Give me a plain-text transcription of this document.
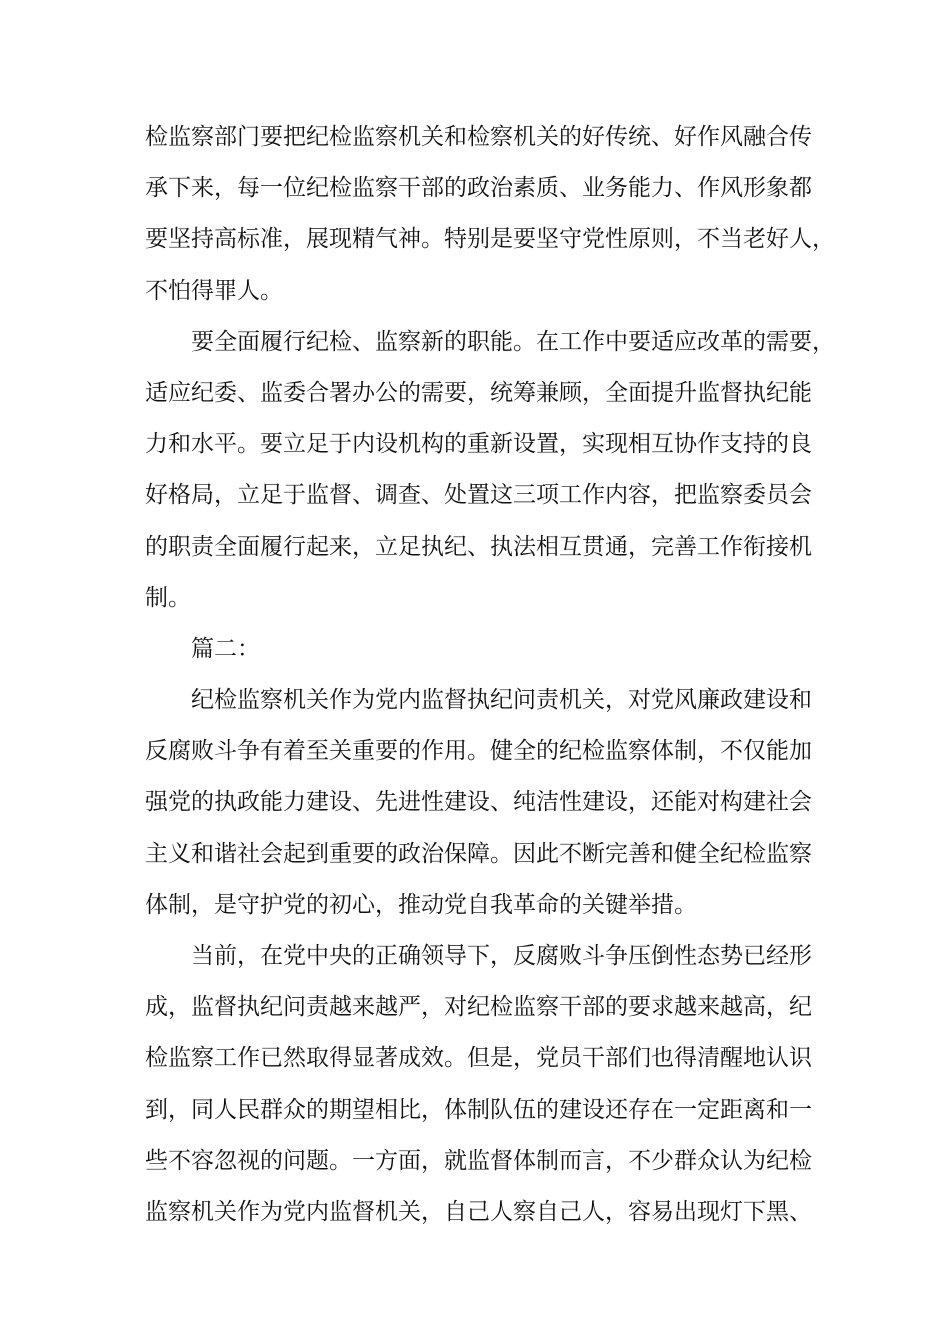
检监察部门要把纪检监察机关和检察机关的好传统、好作风融合传
承下来，每一位纪检监察干部的政治素质、业务能力、作风形象都
要坚持高标准，展现精气神。特别是要坚守党性原则，不当老好人，
不怕得罪人。
要全面履行纪检、监察新的职能。在工作中要适应改革的需要，
适应纪委、监委合署办公的需要，统筹兼顾，全面提升监督执纪能
力和水平。要立足于内设机构的重新设置，实现相互协作支持的良
好格局，立足于监督、调查、处置这三项工作内容，把监察委员会
的职责全面履行起来，立足执纪、执法相互贯通，完善工作衔接机
制。
篇二：
纪检监察机关作为党内监督执纪问责机关，对党风廉政建设和
反腐败斗争有着至关重要的作用。健全的纪检监察体制，不仅能加
强党的执政能力建设、先进性建设、纯洁性建设，还能对构建社会
主义和谐社会起到重要的政治保障。因此不断完善和健全纪检监察
体制，是守护党的初心，推动党自我革命的关键举措。
当前，在党中央的正确领导下，反腐败斗争压倒性态势已经形
成，监督执纪问责越来越严，对纪检监察干部的要求越来越高，纪
检监察工作已然取得显著成效。但是，党员干部们也得清醒地认识
到，同人民群众的期望相比，体制队伍的建设还存在一定距离和一
些不容忽视的问题。一方面，就监督体制而言，不少群众认为纪检
监察机关作为党内监督机关，自己人察自己人，容易出现灯下黑、
